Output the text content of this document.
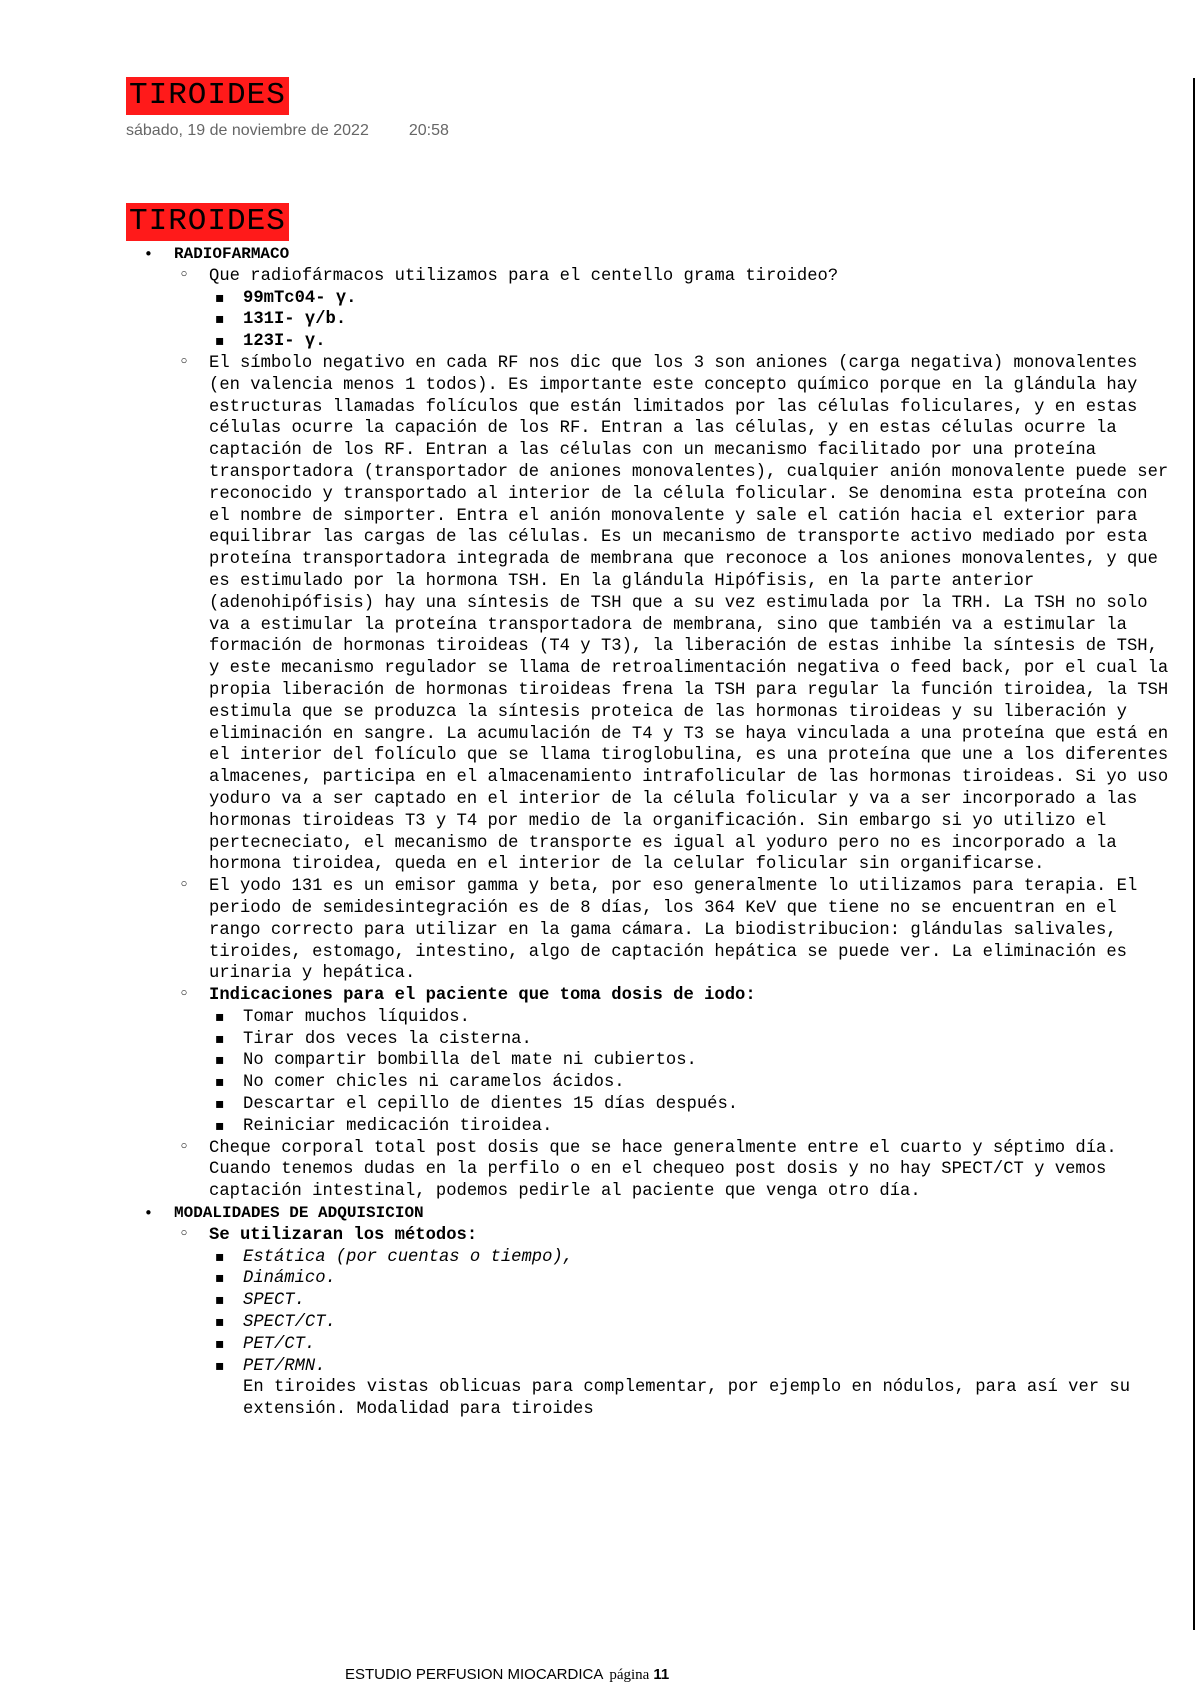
TIROIDES
sábado, 19 de noviembre de 2022	20:58
TIROIDES
• RADIOFARMACO
◦ Que radiofármacos utilizamos para el centello grama tiroideo?
▪ 99mTc04- γ.
▪ 131I- γ/b.
▪ 123I- γ.
◦ El símbolo negativo en cada RF nos dic que los 3 son aniones (carga negativa) monovalentes (en valencia menos 1 todos). Es importante este concepto químico porque en la glándula hay estructuras llamadas folículos que están limitados por las células foliculares, y en estas células ocurre la capación de los RF. Entran a las células, y en estas células ocurre la captación de los RF. Entran a las células con un mecanismo facilitado por una proteína transportadora (transportador de aniones monovalentes), cualquier anión monovalente puede ser reconocido y transportado al interior de la célula folicular. Se denomina esta proteína con el nombre de simporter. Entra el anión monovalente y sale el catión hacia el exterior para equilibrar las cargas de las células. Es un mecanismo de transporte activo mediado por esta proteína transportadora integrada de membrana que reconoce a los aniones monovalentes, y que es estimulado por la hormona TSH. En la glándula Hipófisis, en la parte anterior (adenohipófisis) hay una síntesis de TSH que a su vez estimulada por la TRH. La TSH no solo va a estimular la proteína transportadora de membrana, sino que también va a estimular la formación de hormonas tiroideas (T4 y T3), la liberación de estas inhibe la síntesis de TSH, y este mecanismo regulador se llama de retroalimentación negativa o feed back, por el cual la propia liberación de hormonas tiroideas frena la TSH para regular la función tiroidea, la TSH estimula que se produzca la síntesis proteica de las hormonas tiroideas y su liberación y eliminación en sangre. La acumulación de T4 y T3 se haya vinculada a una proteína que está en el interior del folículo que se llama tiroglobulina, es una proteína que une a los diferentes almacenes, participa en el almacenamiento intrafolicular de las hormonas tiroideas. Si yo uso yoduro va a ser captado en el interior de la célula folicular y va a ser incorporado a las hormonas tiroideas T3 y T4 por medio de la organificación. Sin embargo si yo utilizo el pertecneciato, el mecanismo de transporte es igual al yoduro pero no es incorporado a la hormona tiroidea, queda en el interior de la celular folicular sin organificarse.
◦ El yodo 131 es un emisor gamma y beta, por eso generalmente lo utilizamos para terapia. El periodo de semidesintegración es de 8 días, los 364 KeV que tiene no se encuentran en el rango correcto para utilizar en la gama cámara. La biodistribucion: glándulas salivales, tiroides, estomago, intestino, algo de captación hepática se puede ver. La eliminación es urinaria y hepática.
◦ Indicaciones para el paciente que toma dosis de iodo:
▪ Tomar muchos líquidos.
▪ Tirar dos veces la cisterna.
▪ No compartir bombilla del mate ni cubiertos.
▪ No comer chicles ni caramelos ácidos.
▪ Descartar el cepillo de dientes 15 días después.
▪ Reiniciar medicación tiroidea.
◦ Cheque corporal total post dosis que se hace generalmente entre el cuarto y séptimo día. Cuando tenemos dudas en la perfilo o en el chequeo post dosis y no hay SPECT/CT y vemos captación intestinal, podemos pedirle al paciente que venga otro día.
• MODALIDADES DE ADQUISICION
◦ Se utilizaran los métodos:
▪ Estática (por cuentas o tiempo),
▪ Dinámico.
▪ SPECT.
▪ SPECT/CT.
▪ PET/CT.
▪ PET/RMN.
En tiroides vistas oblicuas para complementar, por ejemplo en nódulos, para así ver su extensión. Modalidad para tiroides
ESTUDIO PERFUSION MIOCARDICA página 11
